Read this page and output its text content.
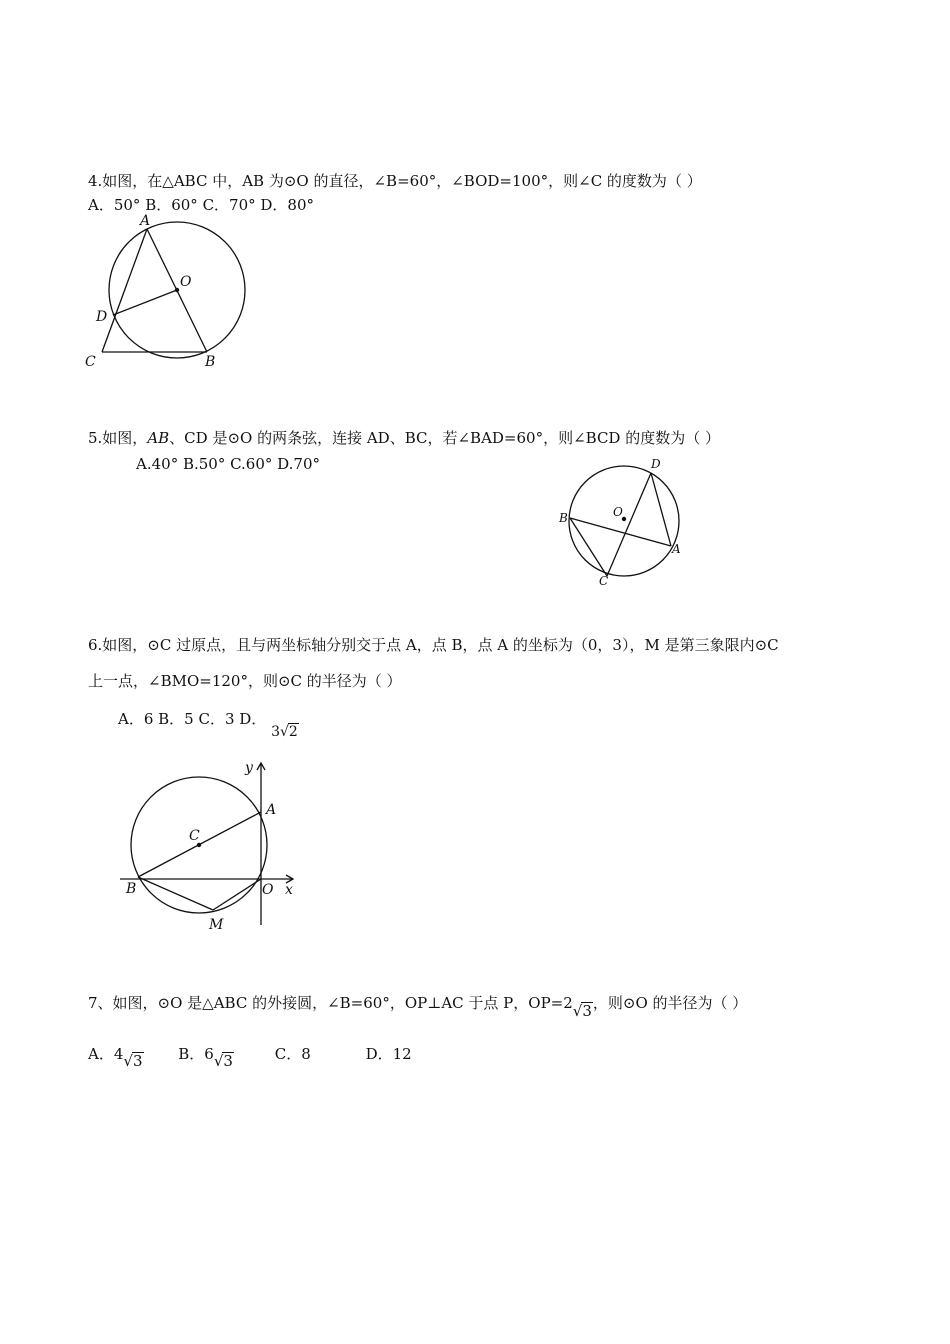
4.如图，在△ABC 中，AB 为⊙O 的直径，∠B=60°，∠BOD=100°，则∠C 的度数为（ ）
A．50° B．60° C．70° D．80°
A
O
D
C	B
5.如图，AB、CD 是⊙O 的两条弦，连接 AD、BC，若∠BAD=60°，则∠BCD 的度数为（ ）
A.40° B.50° C.60° D.70°	D
O
B
A
C
6.如图，⊙C 过原点，且与两坐标轴分别交于点 A，点 B，点 A 的坐标为（0，3），M 是第三象限内⊙C
上一点，∠BMO=120°，则⊙C 的半径为（ ）
A．6 B．5 C．3 D． 3√2
y
A
C
B	O x
M
7、如图，⊙O 是△ABC 的外接圆，∠B=60°，OP⊥AC 于点 P，OP=2√3，则⊙O 的半径为（ ）
A．4√3 B．6√3	C．8	D．12
